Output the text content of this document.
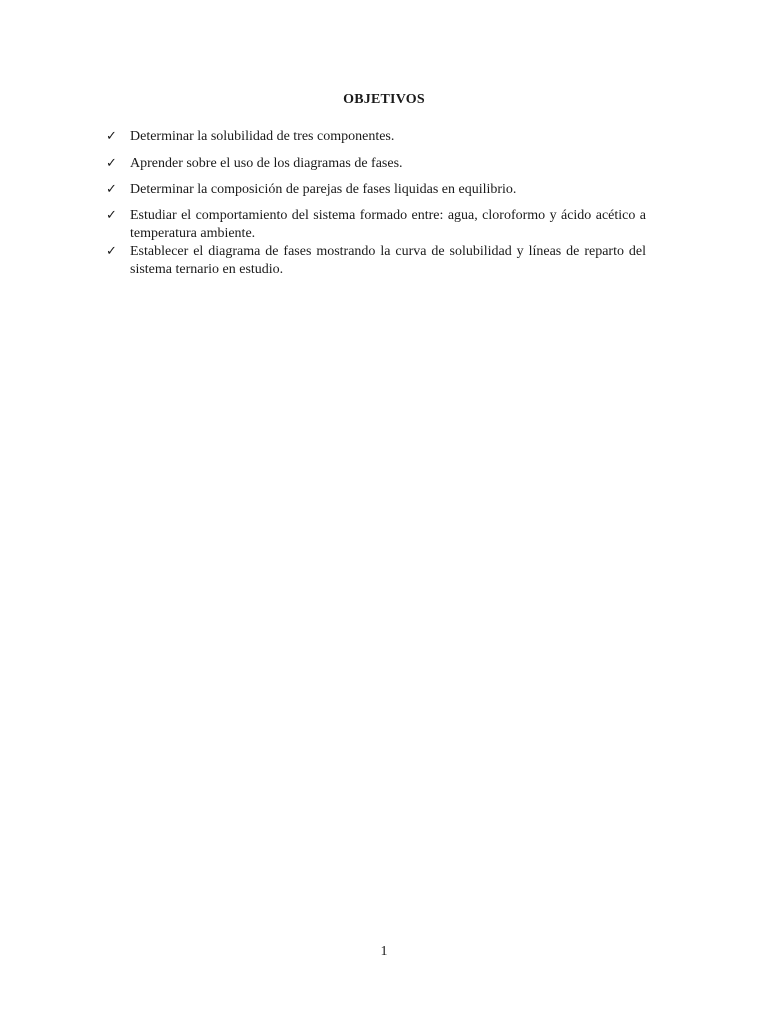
OBJETIVOS
✓ Determinar la solubilidad de tres componentes.
✓ Aprender sobre el uso de los diagramas de fases.
✓ Determinar la composición de parejas de fases liquidas en equilibrio.
✓ Estudiar el comportamiento del sistema formado entre: agua, cloroformo y ácido acético a temperatura ambiente.
✓ Establecer el diagrama de fases mostrando la curva de solubilidad y líneas de reparto del sistema ternario en estudio.
1
